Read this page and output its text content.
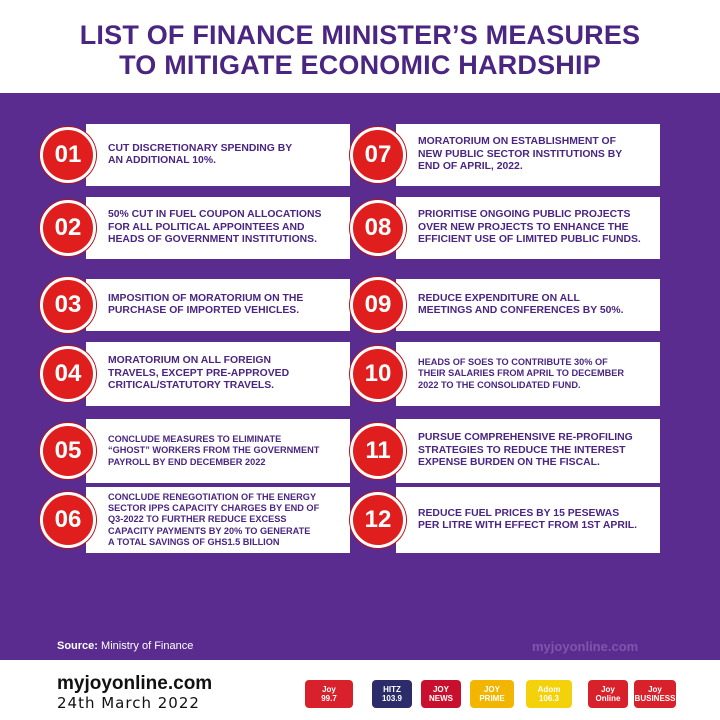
LIST OF FINANCE MINISTER’S MEASURES
TO MITIGATE ECONOMIC HARDSHIP
01	CUT DISCRETIONARY SPENDING BY
AN ADDITIONAL 10%.
02	50% CUT IN FUEL COUPON ALLOCATIONS
FOR ALL POLITICAL APPOINTEES AND
HEADS OF GOVERNMENT INSTITUTIONS.
03	IMPOSITION OF MORATORIUM ON THE
PURCHASE OF IMPORTED VEHICLES.
04	MORATORIUM ON ALL FOREIGN
TRAVELS, EXCEPT PRE-APPROVED
CRITICAL/STATUTORY TRAVELS.
05	CONCLUDE MEASURES TO ELIMINATE
“GHOST” WORKERS FROM THE GOVERNMENT
PAYROLL BY END DECEMBER 2022
06
CONCLUDE RENEGOTIATION OF THE ENERGY
SECTOR IPPS CAPACITY CHARGES BY END OF
Q3-2022 TO FURTHER REDUCE EXCESS
CAPACITY PAYMENTS BY 20% TO GENERATE
A TOTAL SAVINGS OF GHS1.5 BILLION
07	MORATORIUM ON ESTABLISHMENT OF
NEW PUBLIC SECTOR INSTITUTIONS BY
END OF APRIL, 2022.
08	PRIORITISE ONGOING PUBLIC PROJECTS
OVER NEW PROJECTS TO ENHANCE THE
EFFICIENT USE OF LIMITED PUBLIC FUNDS.
09	REDUCE EXPENDITURE ON ALL
MEETINGS AND CONFERENCES BY 50%.
10	HEADS OF SOES TO CONTRIBUTE 30% OF
THEIR SALARIES FROM APRIL TO DECEMBER
2022 TO THE CONSOLIDATED FUND.
11	PURSUE COMPREHENSIVE RE-PROFILING
STRATEGIES TO REDUCE THE INTEREST
EXPENSE BURDEN ON THE FISCAL.
12	REDUCE FUEL PRICES BY 15 PESEWAS
PER LITRE WITH EFFECT FROM 1ST APRIL.
Source: Ministry of Finance	myjoyonline.com
myjoyonline.com
24th March 2022
Joy
99.7
HITZ
103.9
JOY
NEWS
JOY
PRIME
Adom
106.3
Joy
Online
Joy
BUSINESS
